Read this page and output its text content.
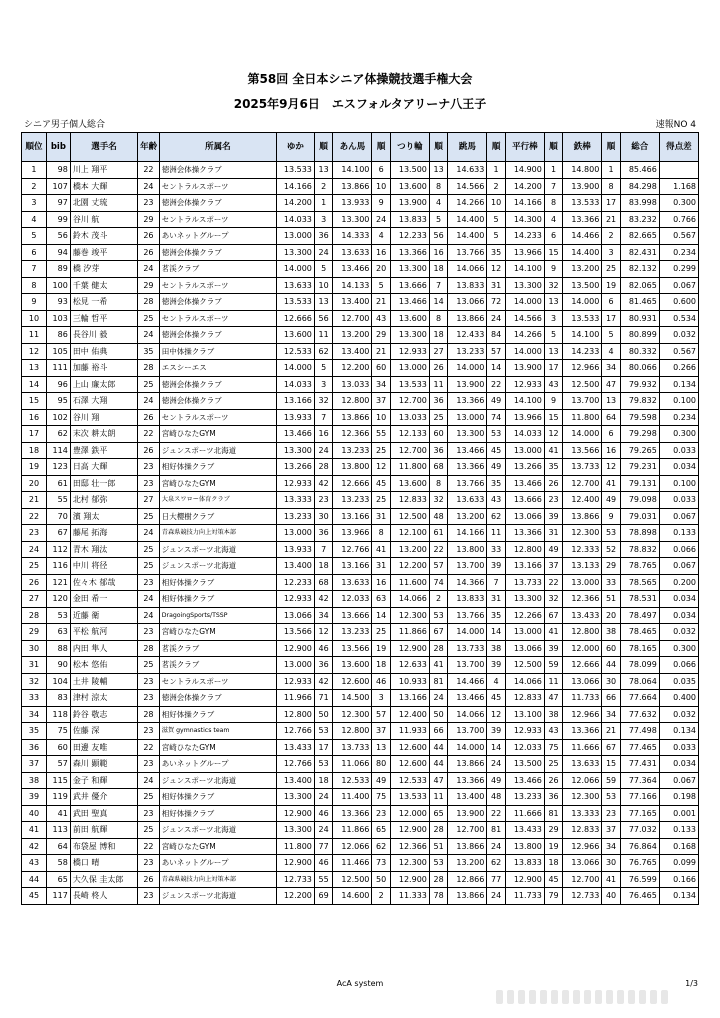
第58回 全日本シニア体操競技選手権大会
2025年9月6日　エスフォルタアリーナ八王子
シニア男子個人総合	速報NO 4
順位	bib	選手名	年齢	所属名	ゆか	順	あん馬	順	つり輪	順	跳馬	順	平行棒	順	鉄棒	順	総合	得点差
1	98	川上 翔平	22	徳洲会体操クラブ	13.533	13	14.100	6	13.500	13	14.633	1	14.900	1	14.800	1	85.466	
2	107	橋本 大輝	24	セントラルスポーツ	14.166	2	13.866	10	13.600	8	14.566	2	14.200	7	13.900	8	84.298	1.168
3	97	北園 丈琉	23	徳洲会体操クラブ	14.200	1	13.933	9	13.900	4	14.266	10	14.166	8	13.533	17	83.998	0.300
4	99	谷川 航	29	セントラルスポーツ	14.033	3	13.300	24	13.833	5	14.400	5	14.300	4	13.366	21	83.232	0.766
5	56	鈴木 茂斗	26	あいネットグループ	13.000	36	14.333	4	12.233	56	14.400	5	14.233	6	14.466	2	82.665	0.567
6	94	藤巻 竣平	26	徳洲会体操クラブ	13.300	24	13.633	16	13.366	16	13.766	35	13.966	15	14.400	3	82.431	0.234
7	89	橋 汐芽	24	茗渓クラブ	14.000	5	13.466	20	13.300	18	14.066	12	14.100	9	13.200	25	82.132	0.299
8	100	千葉 健太	29	セントラルスポーツ	13.633	10	14.133	5	13.666	7	13.833	31	13.300	32	13.500	19	82.065	0.067
9	93	松見 一希	28	徳洲会体操クラブ	13.533	13	13.400	21	13.466	14	13.066	72	14.000	13	14.000	6	81.465	0.600
10	103	三輪 哲平	25	セントラルスポーツ	12.666	56	12.700	43	13.600	8	13.866	24	14.566	3	13.533	17	80.931	0.534
11	86	長谷川 毅	24	徳洲会体操クラブ	13.600	11	13.200	29	13.300	18	12.433	84	14.266	5	14.100	5	80.899	0.032
12	105	田中 佑典	35	田中体操クラブ	12.533	62	13.400	21	12.933	27	13.233	57	14.000	13	14.233	4	80.332	0.567
13	111	加藤 裕斗	28	エスシーエス	14.000	5	12.200	60	13.000	26	14.000	14	13.900	17	12.966	34	80.066	0.266
14	96	上山 廉太郎	25	徳洲会体操クラブ	14.033	3	13.033	34	13.533	11	13.900	22	12.933	43	12.500	47	79.932	0.134
15	95	石澤 大翔	24	徳洲会体操クラブ	13.166	32	12.800	37	12.700	36	13.366	49	14.100	9	13.700	13	79.832	0.100
16	102	谷川 翔	26	セントラルスポーツ	13.933	7	13.866	10	13.033	25	13.000	74	13.966	15	11.800	64	79.598	0.234
17	62	末次 耕太朗	22	宮崎ひなたGYM	13.466	16	12.366	55	12.133	60	13.300	53	14.033	12	14.000	6	79.298	0.300
18	114	豊澤 鉄平	26	ジュンスポーツ北海道	13.300	24	13.233	25	12.700	36	13.466	45	13.000	41	13.566	16	79.265	0.033
19	123	日高 大輝	23	相好体操クラブ	13.266	28	13.800	12	11.800	68	13.366	49	13.266	35	13.733	12	79.231	0.034
20	61	田邸 壮一郎	23	宮崎ひなたGYM	12.933	42	12.666	45	13.600	8	13.766	35	13.466	26	12.700	41	79.131	0.100
21	55	北村 郁弥	27	大泉スワロー体育クラブ	13.333	23	13.233	25	12.833	32	13.633	43	13.666	23	12.400	49	79.098	0.033
22	70	濱 翔太	25	日大櫻樹クラブ	13.233	30	13.166	31	12.500	48	13.200	62	13.066	39	13.866	9	79.031	0.067
23	67	藤尾 拓海	24	青森県競技力向上対策本部	13.000	36	13.966	8	12.100	61	14.166	11	13.366	31	12.300	53	78.898	0.133
24	112	青木 翔汰	25	ジュンスポーツ北海道	13.933	7	12.766	41	13.200	22	13.800	33	12.800	49	12.333	52	78.832	0.066
25	116	中川 将径	25	ジュンスポーツ北海道	13.400	18	13.166	31	12.200	57	13.700	39	13.166	37	13.133	29	78.765	0.067
26	121	佐々木 郁哉	23	相好体操クラブ	12.233	68	13.633	16	11.600	74	14.366	7	13.733	22	13.000	33	78.565	0.200
27	120	金田 希一	24	相好体操クラブ	12.933	42	12.033	63	14.066	2	13.833	31	13.300	32	12.366	51	78.531	0.034
28	53	近藤 衛	24	DragoingSports/TSSP	13.066	34	13.666	14	12.300	53	13.766	35	12.266	67	13.433	20	78.497	0.034
29	63	平松 航河	23	宮崎ひなたGYM	13.566	12	13.233	25	11.866	67	14.000	14	13.000	41	12.800	38	78.465	0.032
30	88	内田 隼人	28	茗渓クラブ	12.900	46	13.566	19	12.900	28	13.733	38	13.066	39	12.000	60	78.165	0.300
31	90	松本 悠佑	25	茗渓クラブ	13.000	36	13.600	18	12.633	41	13.700	39	12.500	59	12.666	44	78.099	0.066
32	104	土井 陵輔	23	セントラルスポーツ	12.933	42	12.600	46	10.933	81	14.466	4	14.066	11	13.066	30	78.064	0.035
33	83	津村 涼太	23	徳洲会体操クラブ	11.966	71	14.500	3	13.166	24	13.466	45	12.833	47	11.733	66	77.664	0.400
34	118	鈴谷 敬志	28	相好体操クラブ	12.800	50	12.300	57	12.400	50	14.066	12	13.100	38	12.966	34	77.632	0.032
35	75	佐藤 深	23	滋賀 gymnastics team	12.766	53	12.800	37	11.933	66	13.700	39	12.933	43	13.366	21	77.498	0.134
36	60	田邊 友唯	22	宮崎ひなたGYM	13.433	17	13.733	13	12.600	44	14.000	14	12.033	75	11.666	67	77.465	0.033
37	57	森川 顕範	23	あいネットグループ	12.766	53	11.066	80	12.600	44	13.866	24	13.500	25	13.633	15	77.431	0.034
38	115	金子 和輝	24	ジュンスポーツ北海道	13.400	18	12.533	49	12.533	47	13.366	49	13.466	26	12.066	59	77.364	0.067
39	119	武井 優介	25	相好体操クラブ	13.300	24	11.400	75	13.533	11	13.400	48	13.233	36	12.300	53	77.166	0.198
40	41	武田 聖真	23	相好体操クラブ	12.900	46	13.366	23	12.000	65	13.900	22	11.666	81	13.333	23	77.165	0.001
41	113	前田 航輝	25	ジュンスポーツ北海道	13.300	24	11.866	65	12.900	28	12.700	81	13.433	29	12.833	37	77.032	0.133
42	64	布袋屋 博和	22	宮崎ひなたGYM	11.800	77	12.066	62	12.366	51	13.866	24	13.800	19	12.966	34	76.864	0.168
43	58	橋口 晴	23	あいネットグループ	12.900	46	11.466	73	12.300	53	13.200	62	13.833	18	13.066	30	76.765	0.099
44	65	大久保 圭太郎	26	青森県競技力向上対策本部	12.733	55	12.500	50	12.900	28	12.866	77	12.900	45	12.700	41	76.599	0.166
45	117	長崎 柊人	23	ジュンスポーツ北海道	12.200	69	14.600	2	11.333	78	13.866	24	11.733	79	12.733	40	76.465	0.134
AcA system	1/3
